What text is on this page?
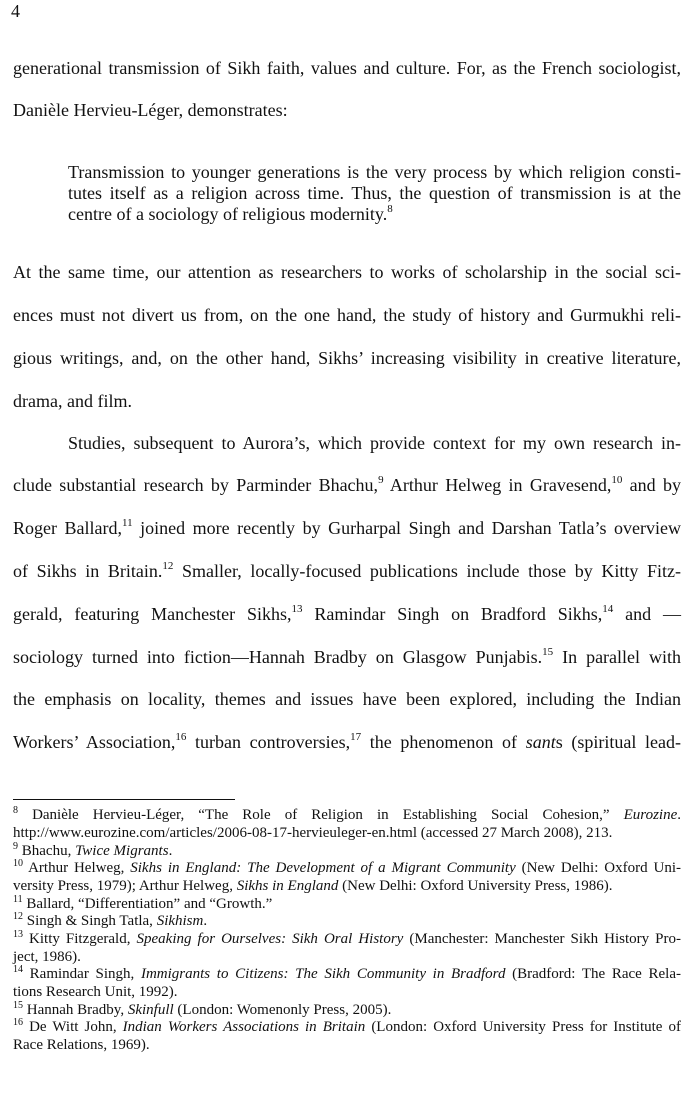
4
generational transmission of Sikh faith, values and culture. For, as the French sociologist,
Danièle Hervieu-Léger, demonstrates:
Transmission to younger generations is the very process by which religion consti-
tutes itself as a religion across time. Thus, the question of transmission is at the
centre of a sociology of religious modernity.$^8$
At the same time, our attention as researchers to works of scholarship in the social sci-
ences must not divert us from, on the one hand, the study of history and Gurmukhi reli-
gious writings, and, on the other hand, Sikhs’ increasing visibility in creative literature,
drama, and film.
Studies, subsequent to Aurora’s, which provide context for my own research in-
clude substantial research by Parminder Bhachu,$^9$ Arthur Helweg in Gravesend,$^{10}$ and by
Roger Ballard,$^{11}$ joined more recently by Gurharpal Singh and Darshan Tatla’s overview
of Sikhs in Britain.$^{12}$ Smaller, locally-focused publications include those by Kitty Fitz-
gerald, featuring Manchester Sikhs,$^{13}$ Ramindar Singh on Bradford Sikhs,$^{14}$ and —
sociology turned into fiction—Hannah Bradby on Glasgow Punjabis.$^{15}$ In parallel with
the emphasis on locality, themes and issues have been explored, including the Indian
Workers’ Association,$^{16}$ turban controversies,$^{17}$ the phenomenon of sants (spiritual lead-
$^8$ Danièle Hervieu-Léger, “The Role of Religion in Establishing Social Cohesion,” Eurozine.
http://www.eurozine.com/articles/2006-08-17-hervieuleger-en.html (accessed 27 March 2008), 213.
$^9$ Bhachu, Twice Migrants.
$^{10}$ Arthur Helweg, Sikhs in England: The Development of a Migrant Community (New Delhi: Oxford Uni-
versity Press, 1979); Arthur Helweg, Sikhs in England (New Delhi: Oxford University Press, 1986).
$^{11}$ Ballard, “Differentiation” and “Growth.”
$^{12}$ Singh & Singh Tatla, Sikhism.
$^{13}$ Kitty Fitzgerald, Speaking for Ourselves: Sikh Oral History (Manchester: Manchester Sikh History Pro-
ject, 1986).
$^{14}$ Ramindar Singh, Immigrants to Citizens: The Sikh Community in Bradford (Bradford: The Race Rela-
tions Research Unit, 1992).
$^{15}$ Hannah Bradby, Skinfull (London: Womenonly Press, 2005).
$^{16}$ De Witt John, Indian Workers Associations in Britain (London: Oxford University Press for Institute of
Race Relations, 1969).
